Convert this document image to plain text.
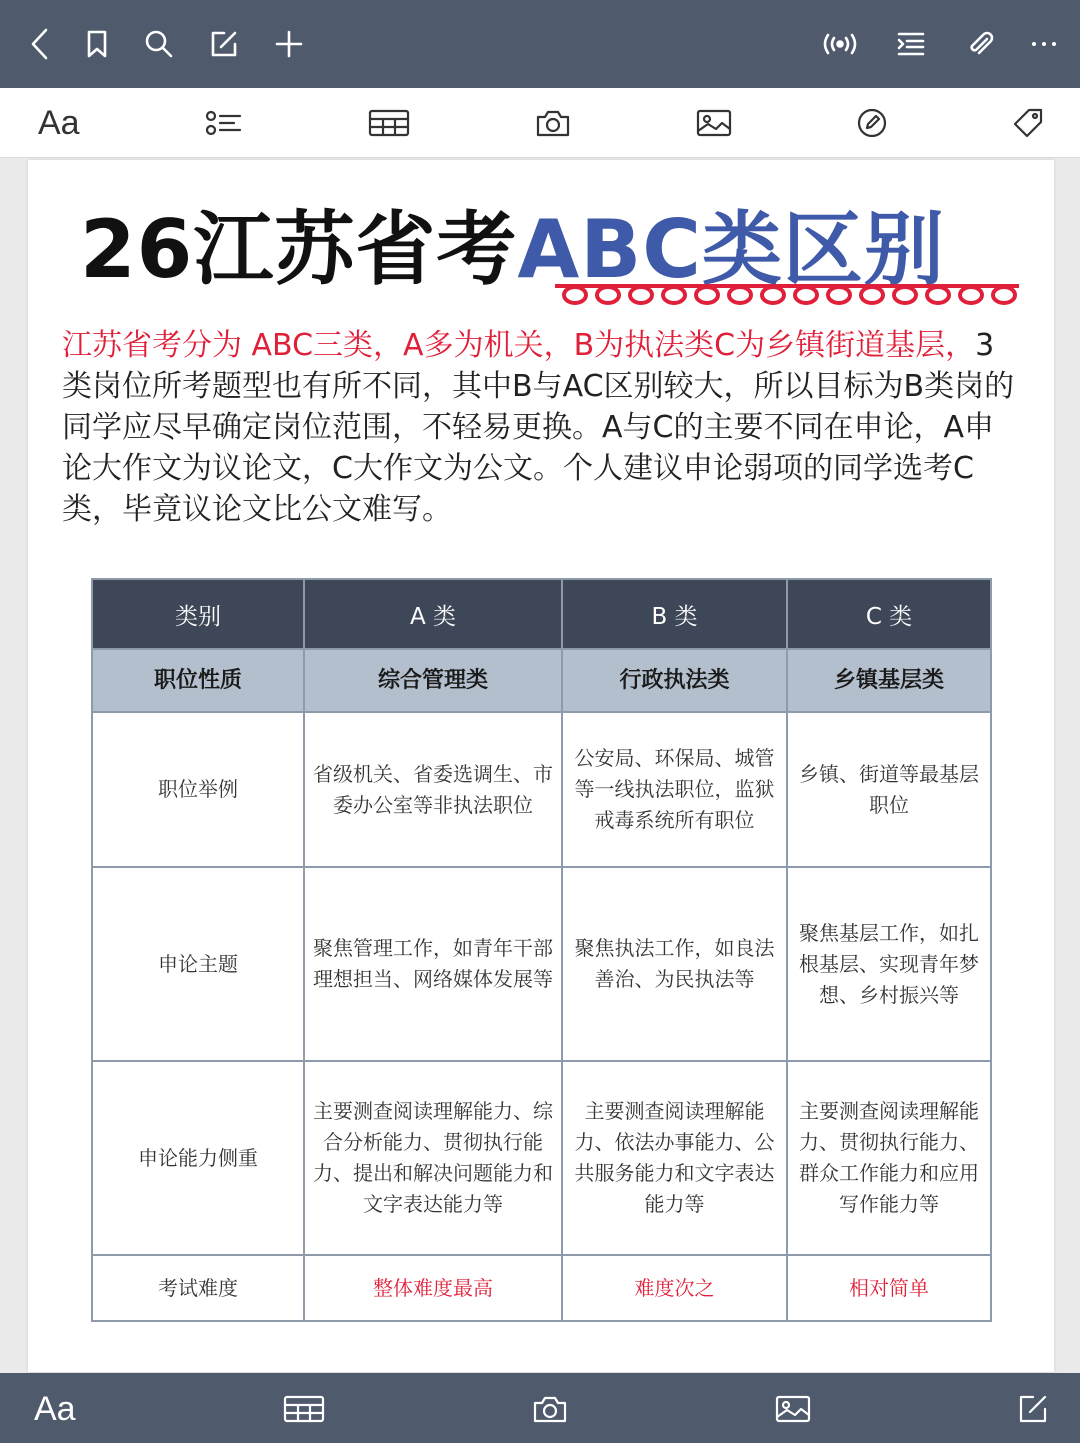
Aa
26江苏省考 ABC类区别

江苏省考分为 ABC三类，A多为机关，B为执法类C为乡镇街道基层，3类岗位所考题型也有所不同，其中B与AC区别较大，所以目标为B类岗的同学应尽早确定岗位范围，不轻易更换。A与C的主要不同在申论，A申论大作文为议论文，C大作文为公文。个人建议申论弱项的同学选考C类，毕竟议论文比公文难写。

类别	A 类	B 类	C 类
职位性质	综合管理类	行政执法类	乡镇基层类
职位举例	省级机关、省委选调生、市委办公室等非执法职位	公安局、环保局、城管等一线执法职位，监狱戒毒系统所有职位	乡镇、街道等最基层职位
申论主题	聚焦管理工作，如青年干部理想担当、网络媒体发展等	聚焦执法工作，如良法善治、为民执法等	聚焦基层工作，如扎根基层、实现青年梦想、乡村振兴等
申论能力侧重	主要测查阅读理解能力、综合分析能力、贯彻执行能力、提出和解决问题能力和文字表达能力等	主要测查阅读理解能力、依法办事能力、公共服务能力和文字表达能力等	主要测查阅读理解能力、贯彻执行能力、群众工作能力和应用写作能力等
考试难度	整体难度最高	难度次之	相对简单
Aa
